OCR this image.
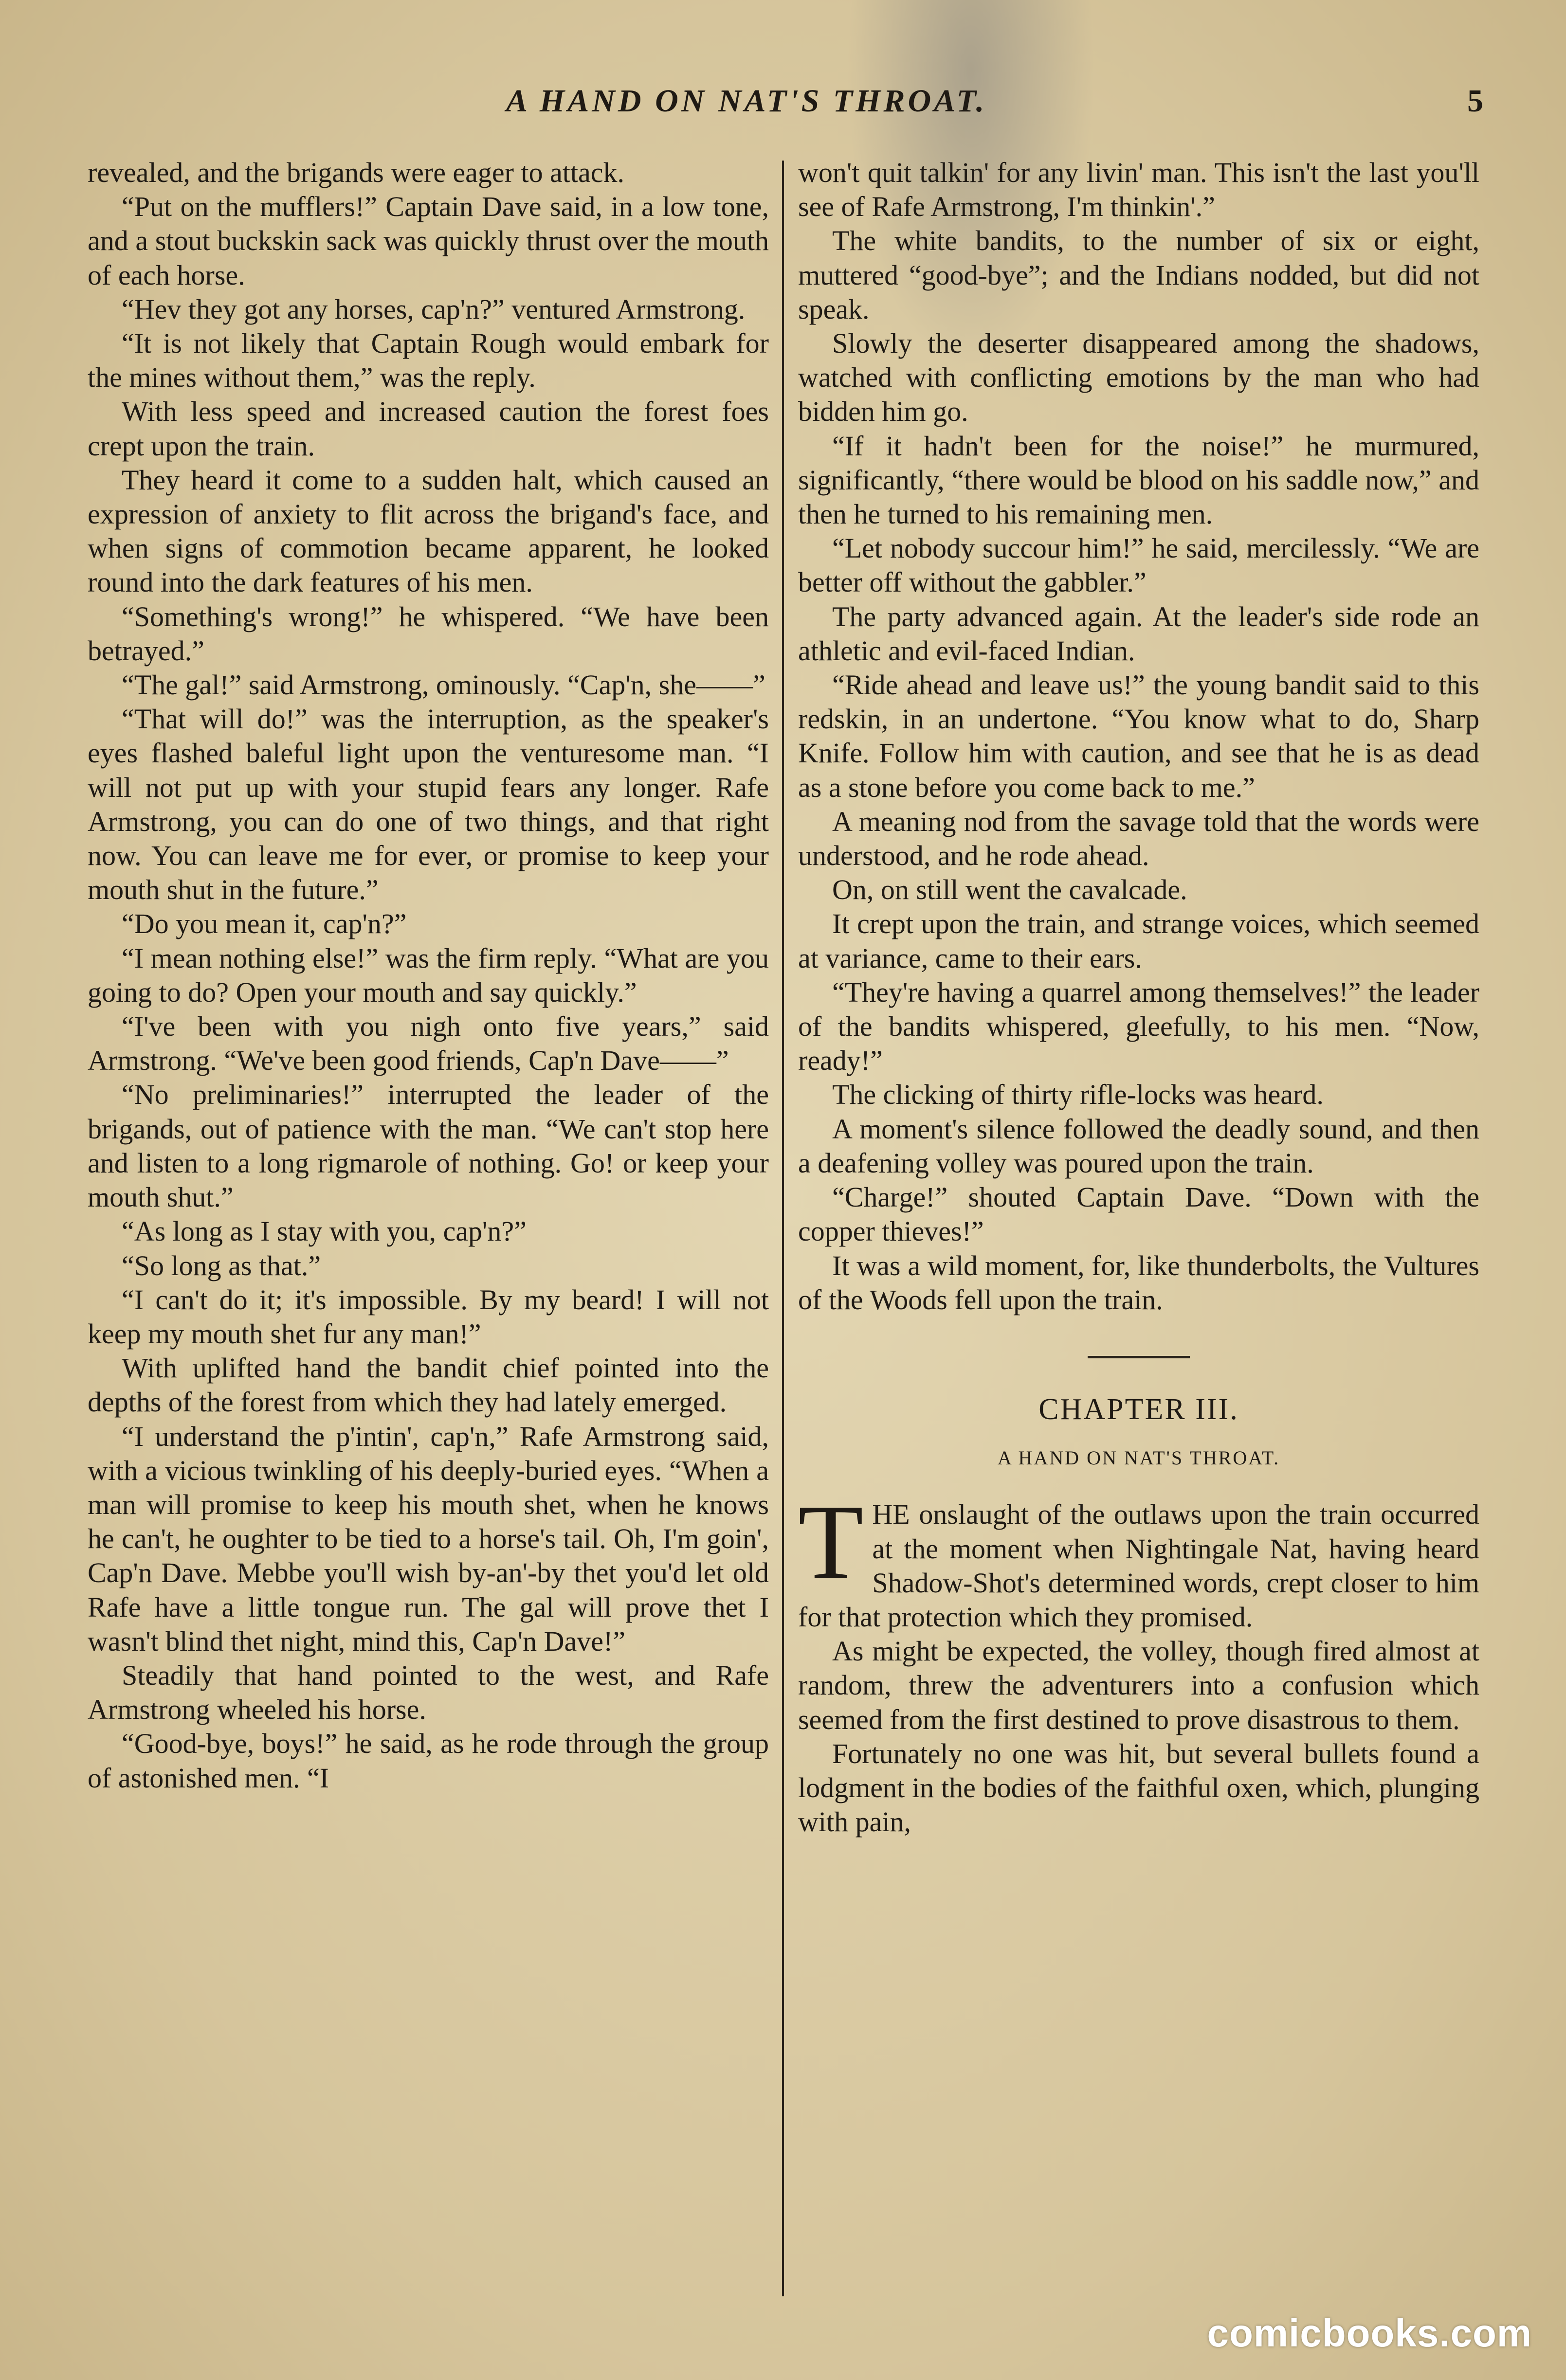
A HAND ON NAT'S THROAT.	5

revealed, and the brigands were eager to attack.

“Put on the mufflers!” Captain Dave said, in a low tone, and a stout buckskin sack was quickly thrust over the mouth of each horse.

“Hev they got any horses, cap'n?” ventured Armstrong.

“It is not likely that Captain Rough would embark for the mines without them,” was the reply.

With less speed and increased caution the forest foes crept upon the train.

They heard it come to a sudden halt, which caused an expression of anxiety to flit across the brigand's face, and when signs of commotion became apparent, he looked round into the dark features of his men.

“Something's wrong!” he whispered. “We have been betrayed.”

“The gal!” said Armstrong, ominously. “Cap'n, she——”

“That will do!” was the interruption, as the speaker's eyes flashed baleful light upon the venturesome man. “I will not put up with your stupid fears any longer. Rafe Armstrong, you can do one of two things, and that right now. You can leave me for ever, or promise to keep your mouth shut in the future.”

“Do you mean it, cap'n?”

“I mean nothing else!” was the firm reply. “What are you going to do? Open your mouth and say quickly.”

“I've been with you nigh onto five years,” said Armstrong. “We've been good friends, Cap'n Dave——”

“No preliminaries!” interrupted the leader of the brigands, out of patience with the man. “We can't stop here and listen to a long rigmarole of nothing. Go! or keep your mouth shut.”

“As long as I stay with you, cap'n?”

“So long as that.”

“I can't do it; it's impossible. By my beard! I will not keep my mouth shet fur any man!”

With uplifted hand the bandit chief pointed into the depths of the forest from which they had lately emerged.

“I understand the p'intin', cap'n,” Rafe Armstrong said, with a vicious twinkling of his deeply-buried eyes. “When a man will promise to keep his mouth shet, when he knows he can't, he oughter to be tied to a horse's tail. Oh, I'm goin', Cap'n Dave. Mebbe you'll wish by-an'-by thet you'd let old Rafe have a little tongue run. The gal will prove thet I wasn't blind thet night, mind this, Cap'n Dave!”

Steadily that hand pointed to the west, and Rafe Armstrong wheeled his horse.

“Good-bye, boys!” he said, as he rode through the group of astonished men. “I

won't quit talkin' for any livin' man. This isn't the last you'll see of Rafe Armstrong, I'm thinkin'.”

The white bandits, to the number of six or eight, muttered “good-bye”; and the Indians nodded, but did not speak.

Slowly the deserter disappeared among the shadows, watched with conflicting emotions by the man who had bidden him go.

“If it hadn't been for the noise!” he murmured, significantly, “there would be blood on his saddle now,” and then he turned to his remaining men.

“Let nobody succour him!” he said, mercilessly. “We are better off without the gabbler.”

The party advanced again. At the leader's side rode an athletic and evil-faced Indian.

“Ride ahead and leave us!” the young bandit said to this redskin, in an undertone. “You know what to do, Sharp Knife. Follow him with caution, and see that he is as dead as a stone before you come back to me.”

A meaning nod from the savage told that the words were understood, and he rode ahead.

On, on still went the cavalcade.

It crept upon the train, and strange voices, which seemed at variance, came to their ears.

“They're having a quarrel among themselves!” the leader of the bandits whispered, gleefully, to his men. “Now, ready!”

The clicking of thirty rifle-locks was heard.

A moment's silence followed the deadly sound, and then a deafening volley was poured upon the train.

“Charge!” shouted Captain Dave. “Down with the copper thieves!”

It was a wild moment, for, like thunderbolts, the Vultures of the Woods fell upon the train.

CHAPTER III.
A HAND ON NAT'S THROAT.

THE onslaught of the outlaws upon the train occurred at the moment when Nightingale Nat, having heard Shadow-Shot's determined words, crept closer to him for that protection which they promised.

As might be expected, the volley, though fired almost at random, threw the adventurers into a confusion which seemed from the first destined to prove disastrous to them.

Fortunately no one was hit, but several bullets found a lodgment in the bodies of the faithful oxen, which, plunging with pain,

comicbooks.com
